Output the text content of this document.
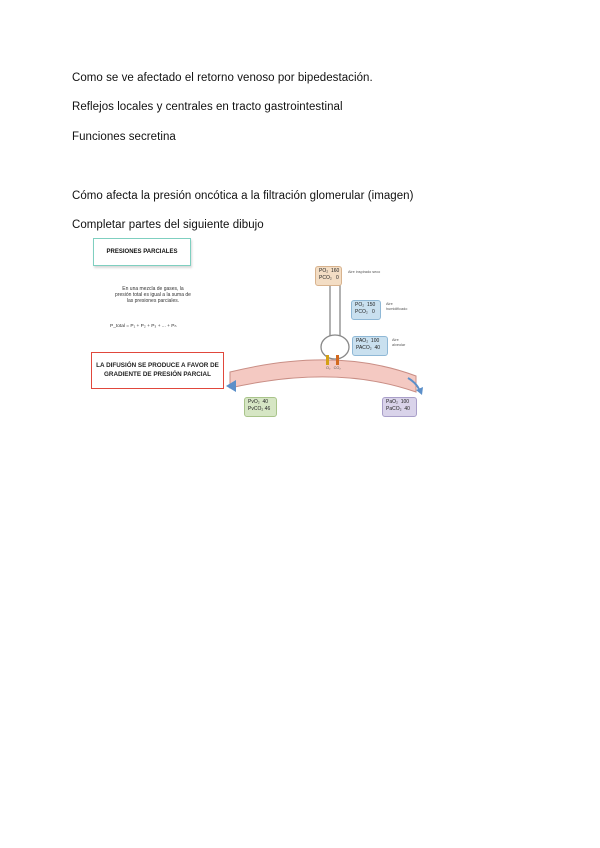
Como se ve afectado el retorno venoso por bipedestación.
Reflejos locales y centrales en tracto gastrointestinal
Funciones secretina
Cómo afecta la presión oncótica a la filtración glomerular (imagen)
Completar partes del siguiente dibujo
PRESIONES PARCIALES
En una mezcla de gases, la presión total es igual a la suma de las presiones parciales.
P_total = P₁ + P₂ + P₃ + ... + Pₙ
LA DIFUSIÓN SE PRODUCE A FAVOR DE GRADIENTE DE PRESIÓN PARCIAL
PO₂  160
PCO₂   0
Aire inspirado seco
PO₂  150
PCO₂   0
Aire
humidificado
PAO₂  100
PACO₂  40
Aire
alveolar
O₂   CO₂
PvO₂  40
PvCO₂ 46
PaO₂  100
PaCO₂  40
